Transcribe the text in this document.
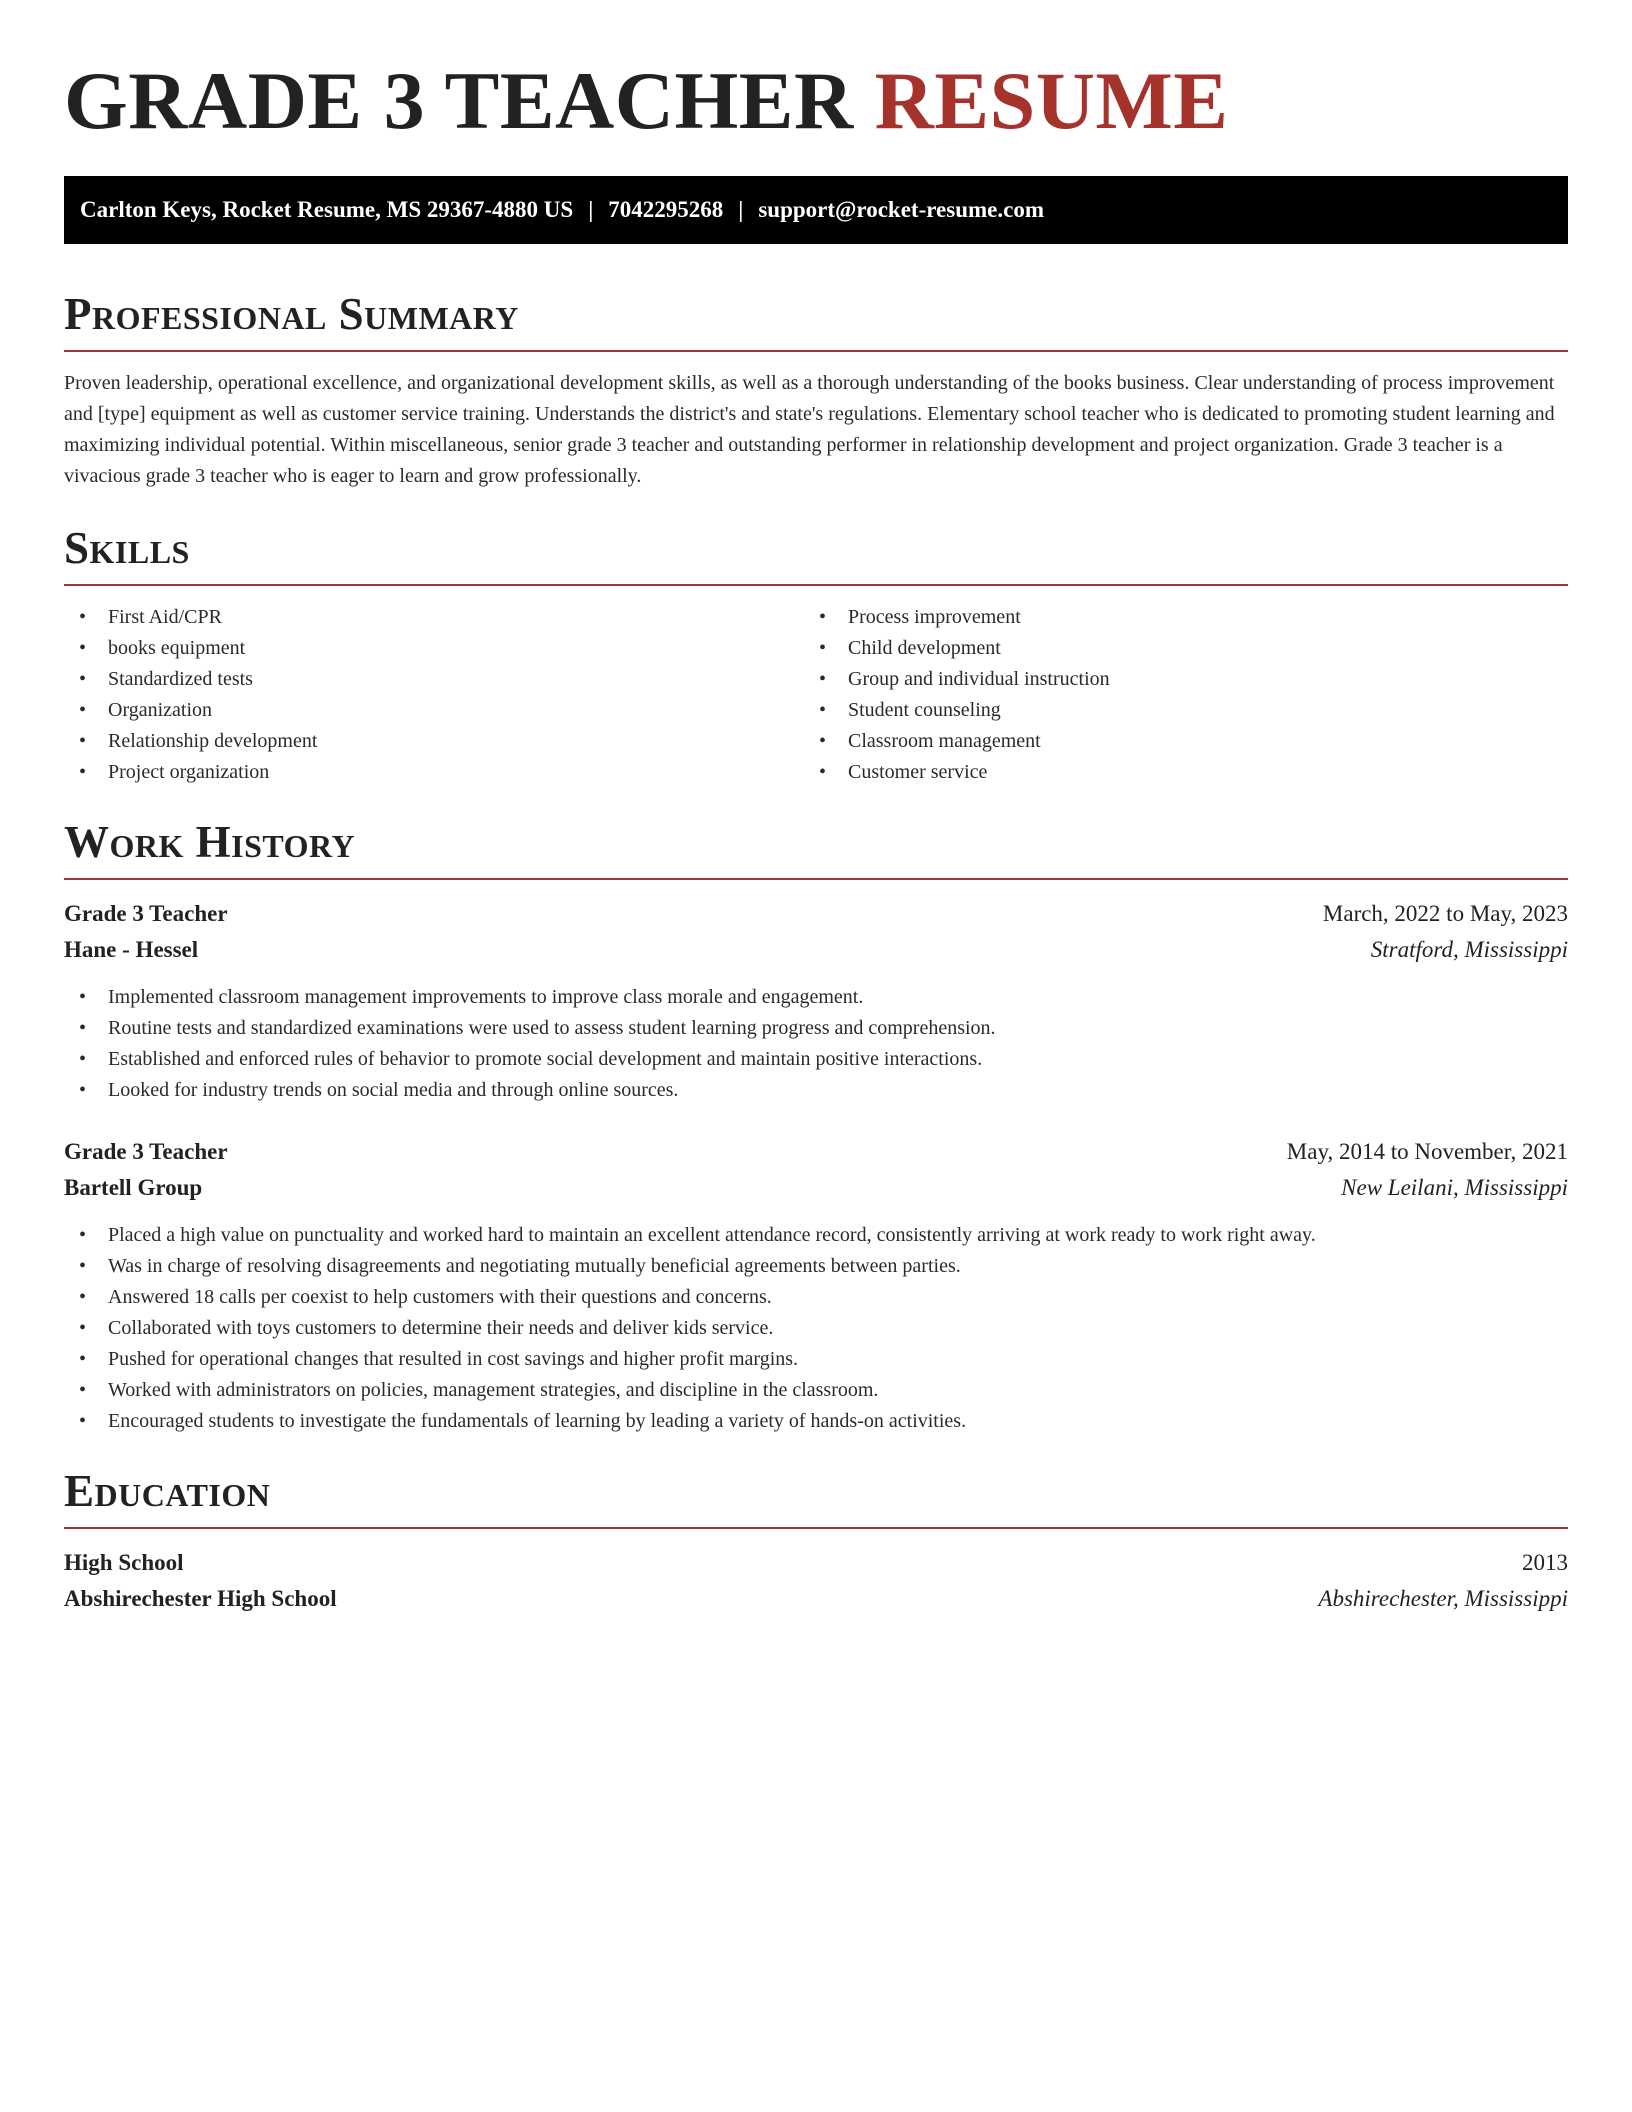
GRADE 3 TEACHER RESUME
Carlton Keys, Rocket Resume, MS 29367-4880 US | 7042295268 | support@rocket-resume.com
Professional Summary

Proven leadership, operational excellence, and organizational development skills, as well as a thorough understanding of the books business. Clear understanding of process improvement and [type] equipment as well as customer service training. Understands the district's and state's regulations. Elementary school teacher who is dedicated to promoting student learning and maximizing individual potential. Within miscellaneous, senior grade 3 teacher and outstanding performer in relationship development and project organization. Grade 3 teacher is a vivacious grade 3 teacher who is eager to learn and grow professionally.

Skills
• First Aid/CPR
• books equipment
• Standardized tests
• Organization
• Relationship development
• Project organization
• Process improvement
• Child development
• Group and individual instruction
• Student counseling
• Classroom management
• Customer service
Work History
Grade 3 Teacher	March, 2022 to May, 2023
Hane - Hessel	Stratford, Mississippi
• Implemented classroom management improvements to improve class morale and engagement.
• Routine tests and standardized examinations were used to assess student learning progress and comprehension.
• Established and enforced rules of behavior to promote social development and maintain positive interactions.
• Looked for industry trends on social media and through online sources.
Grade 3 Teacher	May, 2014 to November, 2021
Bartell Group	New Leilani, Mississippi
• Placed a high value on punctuality and worked hard to maintain an excellent attendance record, consistently arriving at work ready to work right away.
• Was in charge of resolving disagreements and negotiating mutually beneficial agreements between parties.
• Answered 18 calls per coexist to help customers with their questions and concerns.
• Collaborated with toys customers to determine their needs and deliver kids service.
• Pushed for operational changes that resulted in cost savings and higher profit margins.
• Worked with administrators on policies, management strategies, and discipline in the classroom.
• Encouraged students to investigate the fundamentals of learning by leading a variety of hands-on activities.
Education
High School	2013
Abshirechester High School	Abshirechester, Mississippi
